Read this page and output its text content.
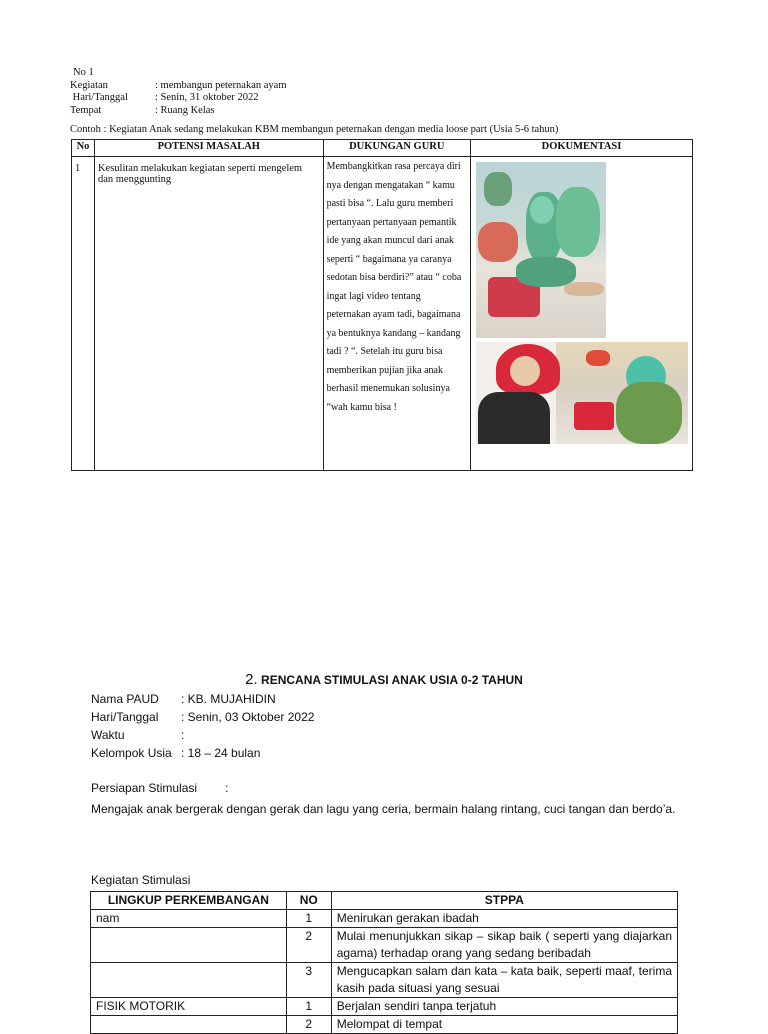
No 1
Kegiatan	: membangun peternakan ayam
Hari/Tanggal	: Senin, 31 oktober 2022
Tempat	: Ruang Kelas
Contoh : Kegiatan Anak sedang melakukan KBM membangun peternakan dengan media loose part (Usia 5-6 tahun)
No	POTENSI MASALAH	DUKUNGAN GURU	DOKUMENTASI
1	Kesulitan melakukan kegiatan seperti mengelem dan menggunting	Membangkitkan rasa percaya diri nya dengan mengatakan “ kamu pasti bisa “. Lalu guru memberi pertanyaan pertanyaan pemantik ide yang akan muncul dari anak seperti “ bagaimana ya caranya sedotan bisa berdiri?” atau “ coba ingat lagi video tentang peternakan ayam tadi, bagaimana ya bentuknya kandang – kandang tadi ? “. Setelah itu guru bisa memberikan pujian jika anak berhasil menemukan solusinya “wah kamu bisa !	
2. RENCANA STIMULASI ANAK USIA 0-2 TAHUN
Nama PAUD	: KB. MUJAHIDIN
Hari/Tanggal	: Senin, 03 Oktober 2022
Waktu	:
Kelompok Usia : 18 – 24 bulan
Persiapan Stimulasi :
Mengajak anak bergerak dengan gerak dan lagu yang ceria, bermain halang rintang, cuci tangan dan berdo’a.
Kegiatan Stimulasi
LINGKUP PERKEMBANGAN	NO	STPPA
nam	1	Menirukan gerakan ibadah
	2	Mulai menunjukkan sikap – sikap baik ( seperti yang diajarkan agama) terhadap orang yang sedang beribadah
	3	Mengucapkan salam dan kata – kata baik, seperti maaf, terima kasih pada situasi yang sesuai
FISIK MOTORIK	1	Berjalan sendiri tanpa terjatuh
	2	Melompat di tempat
